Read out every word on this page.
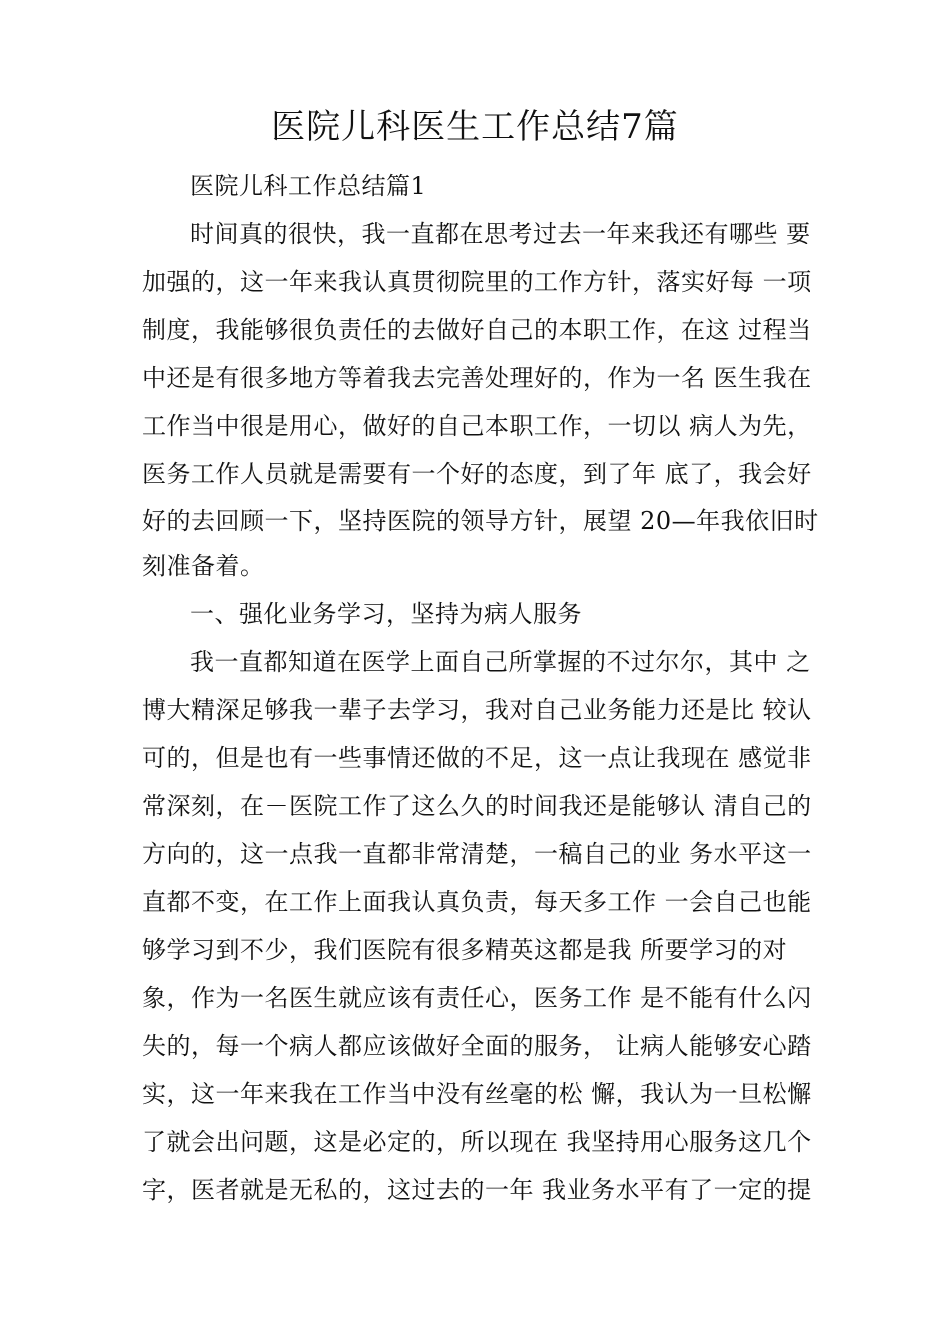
医院儿科医生工作总结7篇
医院儿科工作总结篇1
时间真的很快，我一直都在思考过去一年来我还有哪些 要
加强的，这一年来我认真贯彻院里的工作方针，落实好每 一项
制度，我能够很负责任的去做好自己的本职工作，在这 过程当
中还是有很多地方等着我去完善处理好的，作为一名 医生我在
工作当中很是用心，做好的自己本职工作，一切以 病人为先，
医务工作人员就是需要有一个好的态度，到了年 底了，我会好
好的去回顾一下，坚持医院的领导方针，展望 20—年我依旧时
刻准备着。
一、强化业务学习，坚持为病人服务
我一直都知道在医学上面自己所掌握的不过尔尔，其中 之
博大精深足够我一辈子去学习，我对自己业务能力还是比 较认
可的，但是也有一些事情还做的不足，这一点让我现在 感觉非
常深刻，在－医院工作了这么久的时间我还是能够认 清自己的
方向的，这一点我一直都非常清楚，一稿自己的业 务水平这一
直都不变，在工作上面我认真负责，每天多工作 一会自己也能
够学习到不少，我们医院有很多精英这都是我 所要学习的对
象，作为一名医生就应该有责任心，医务工作 是不能有什么闪
失的，每一个病人都应该做好全面的服务， 让病人能够安心踏
实，这一年来我在工作当中没有丝毫的松 懈，我认为一旦松懈
了就会出问题，这是必定的，所以现在 我坚持用心服务这几个
字，医者就是无私的，这过去的一年 我业务水平有了一定的提
